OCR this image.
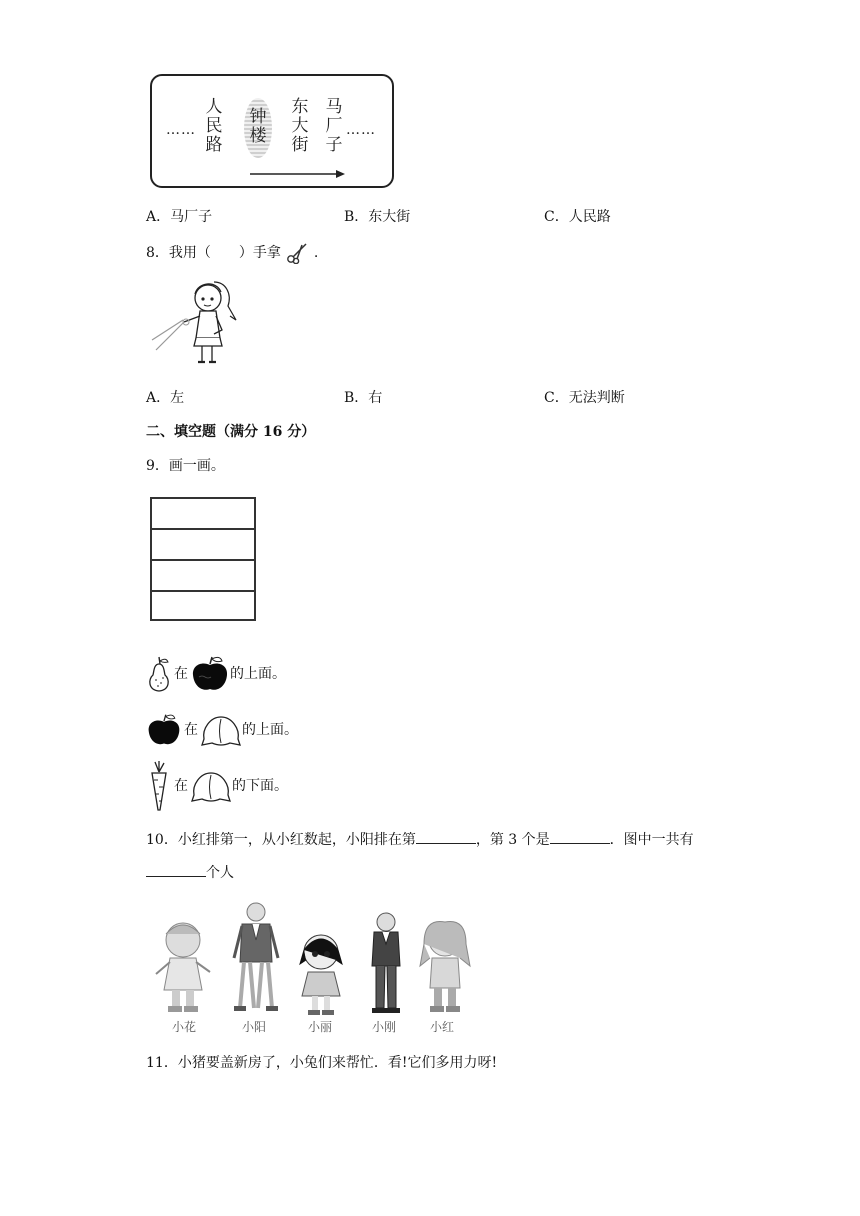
……
人
民
路
钟
楼
东
大
街
马
厂
子
……
A．马厂子	B．东大街	C．人民路
8．我用（　　）手拿 .
A．左	B．右	C．无法判断
二、填空题（满分 16 分）
9．画一画。
在	的上面。
在	的上面。
在	的下面。
10．小红排第一，从小红数起，小阳排在第	，第 3 个是	．图中一共有
个人
小花	小阳	小丽	小刚	小红
11．小猪要盖新房了，小兔们来帮忙．看!它们多用力呀!
